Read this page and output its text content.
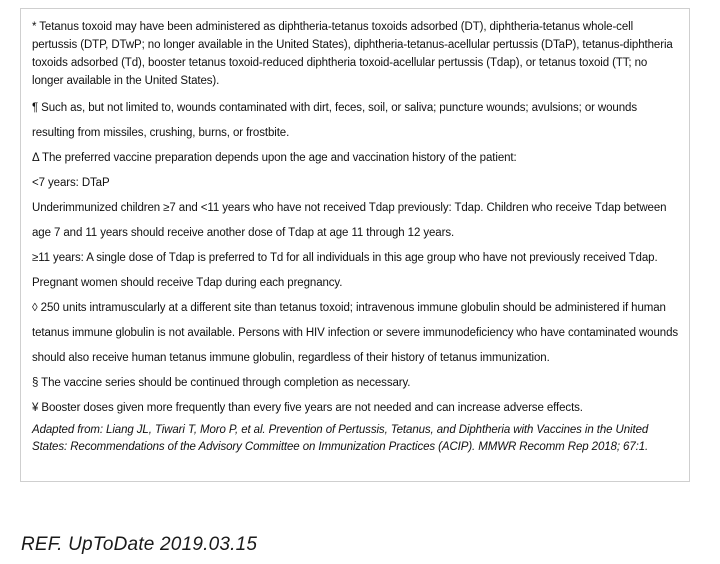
* Tetanus toxoid may have been administered as diphtheria-tetanus toxoids adsorbed (DT), diphtheria-tetanus whole-cell pertussis (DTP, DTwP; no longer available in the United States), diphtheria-tetanus-acellular pertussis (DTaP), tetanus-diphtheria toxoids adsorbed (Td), booster tetanus toxoid-reduced diphtheria toxoid-acellular pertussis (Tdap), or tetanus toxoid (TT; no longer available in the United States).

¶ Such as, but not limited to, wounds contaminated with dirt, feces, soil, or saliva; puncture wounds; avulsions; or wounds resulting from missiles, crushing, burns, or frostbite.

Δ The preferred vaccine preparation depends upon the age and vaccination history of the patient:

<7 years: DTaP

Underimmunized children ≥7 and <11 years who have not received Tdap previously: Tdap. Children who receive Tdap between age 7 and 11 years should receive another dose of Tdap at age 11 through 12 years.

≥11 years: A single dose of Tdap is preferred to Td for all individuals in this age group who have not previously received Tdap. Pregnant women should receive Tdap during each pregnancy.

◊ 250 units intramuscularly at a different site than tetanus toxoid; intravenous immune globulin should be administered if human tetanus immune globulin is not available. Persons with HIV infection or severe immunodeficiency who have contaminated wounds should also receive human tetanus immune globulin, regardless of their history of tetanus immunization.

§ The vaccine series should be continued through completion as necessary.

¥ Booster doses given more frequently than every five years are not needed and can increase adverse effects.

Adapted from: Liang JL, Tiwari T, Moro P, et al. Prevention of Pertussis, Tetanus, and Diphtheria with Vaccines in the United States: Recommendations of the Advisory Committee on Immunization Practices (ACIP). MMWR Recomm Rep 2018; 67:1.

REF. UpToDate 2019.03.15
